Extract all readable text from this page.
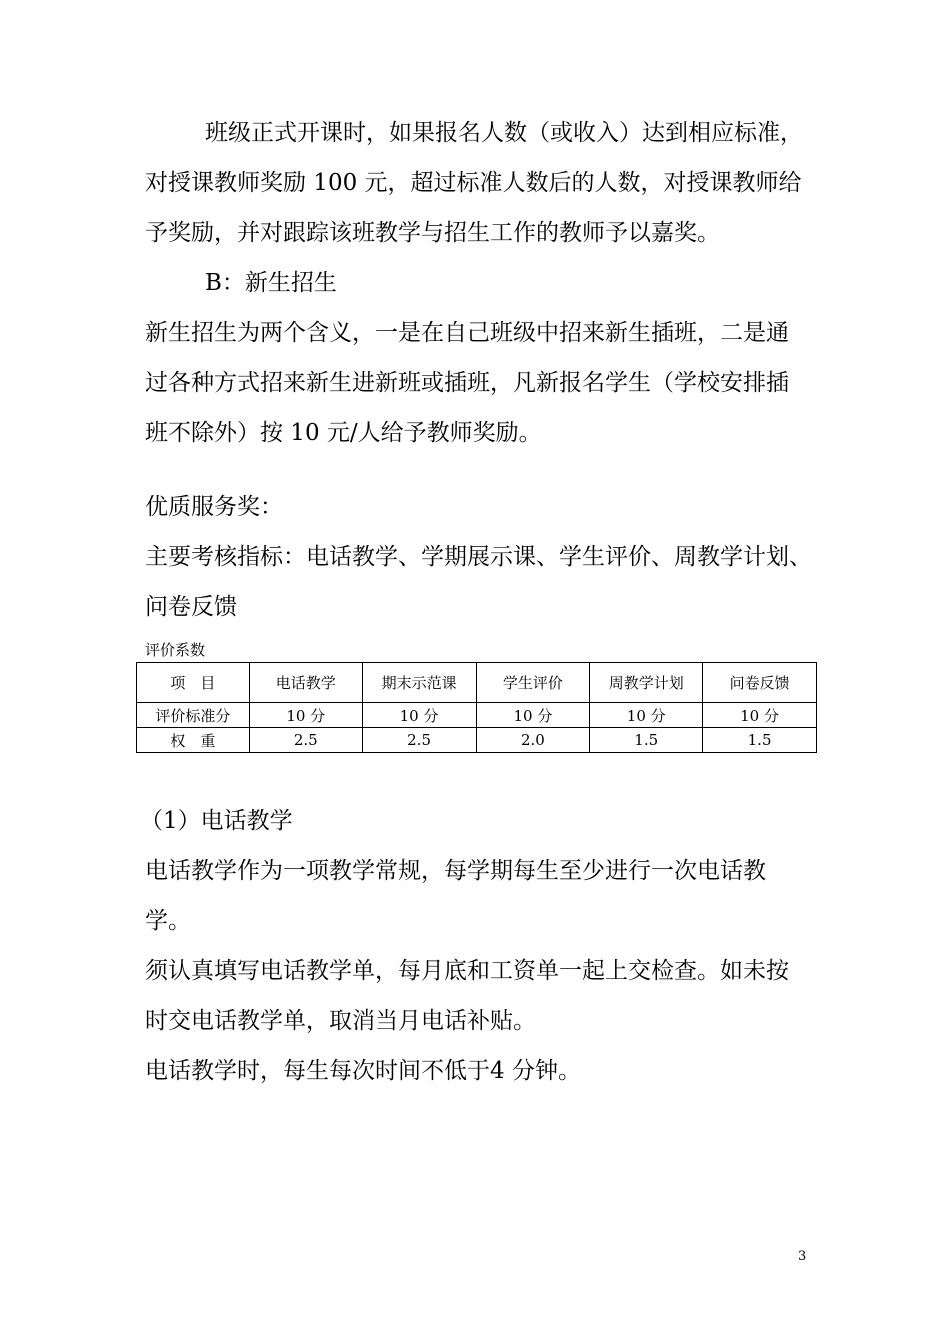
班级正式开课时，如果报名人数（或收入）达到相应标准，
对授课教师奖励 100 元，超过标准人数后的人数，对授课教师给
予奖励，并对跟踪该班教学与招生工作的教师予以嘉奖。
B：新生招生
新生招生为两个含义，一是在自己班级中招来新生插班，二是通
过各种方式招来新生进新班或插班，凡新报名学生（学校安排插
班不除外）按 10 元/人给予教师奖励。
优质服务奖：
主要考核指标：电话教学、学期展示课、学生评价、周教学计划、
问卷反馈
评价系数
项　目	电话教学	期末示范课	学生评价	周教学计划	问卷反馈
评价标准分	10 分	10 分	10 分	10 分	10 分
权　重	2.5	2.5	2.0	1.5	1.5
（1）电话教学
电话教学作为一项教学常规，每学期每生至少进行一次电话教
学。
须认真填写电话教学单，每月底和工资单一起上交检查。如未按
时交电话教学单，取消当月电话补贴。
电话教学时，每生每次时间不低于4 分钟。
3
